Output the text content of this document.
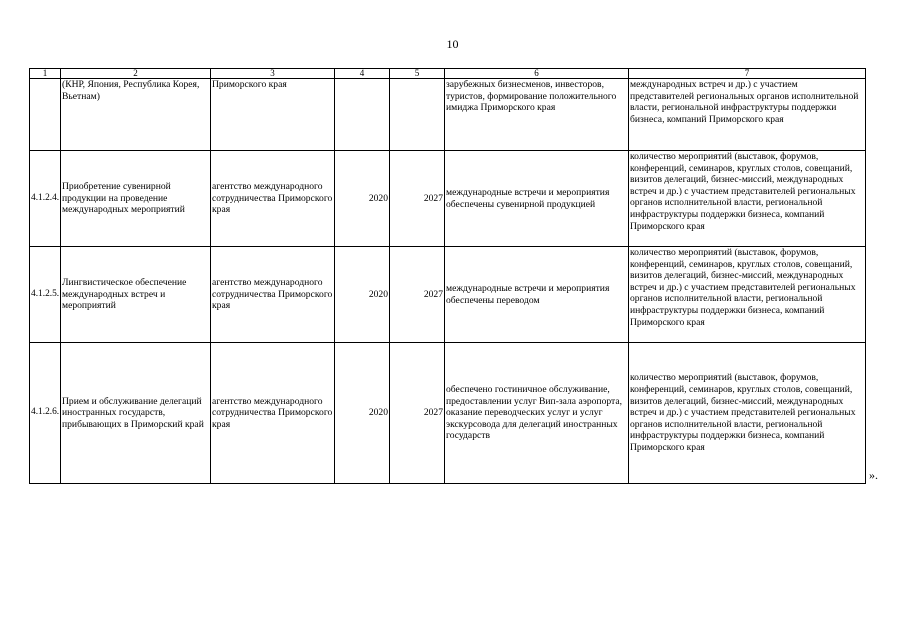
10
1	2	3	4	5	6	7
	(КНР, Япония, Республика Корея, Вьетнам)	Приморского края			зарубежных бизнесменов, инвесторов, туристов, формирование положительного имиджа Приморского края	международных встреч и др.) с участием представителей региональных органов исполнительной власти, региональной инфраструктуры поддержки бизнеса, компаний Приморского края
4.1.2.4.	Приобретение сувенирной продукции на проведение международных мероприятий	агентство международного сотрудничества Приморского края	2020	2027	международные встречи и мероприятия обеспечены сувенирной продукцией	количество мероприятий (выставок, форумов, конференций, семинаров, круглых столов, совещаний, визитов делегаций, бизнес-миссий, международных встреч и др.) с участием представителей региональных органов исполнительной власти, региональной инфраструктуры поддержки бизнеса, компаний Приморского края
4.1.2.5.	Лингвистическое обеспечение международных встреч и мероприятий	агентство международного сотрудничества Приморского края	2020	2027	международные встречи и мероприятия обеспечены переводом	количество мероприятий (выставок, форумов, конференций, семинаров, круглых столов, совещаний, визитов делегаций, бизнес-миссий, международных встреч и др.) с участием представителей региональных органов исполнительной власти, региональной инфраструктуры поддержки бизнеса, компаний Приморского края
4.1.2.6.	Прием и обслуживание делегаций иностранных государств, прибывающих в Приморский край	агентство международного сотрудничества Приморского края	2020	2027	обеспечено гостиничное обслуживание, предоставлении услуг Вип-зала аэропорта, оказание переводческих услуг и услуг экскурсовода для делегаций иностранных государств	количество мероприятий (выставок, форумов, конференций, семинаров, круглых столов, совещаний, визитов делегаций, бизнес-миссий, международных встреч и др.) с участием представителей региональных органов исполнительной власти, региональной инфраструктуры поддержки бизнеса, компаний Приморского края
».
